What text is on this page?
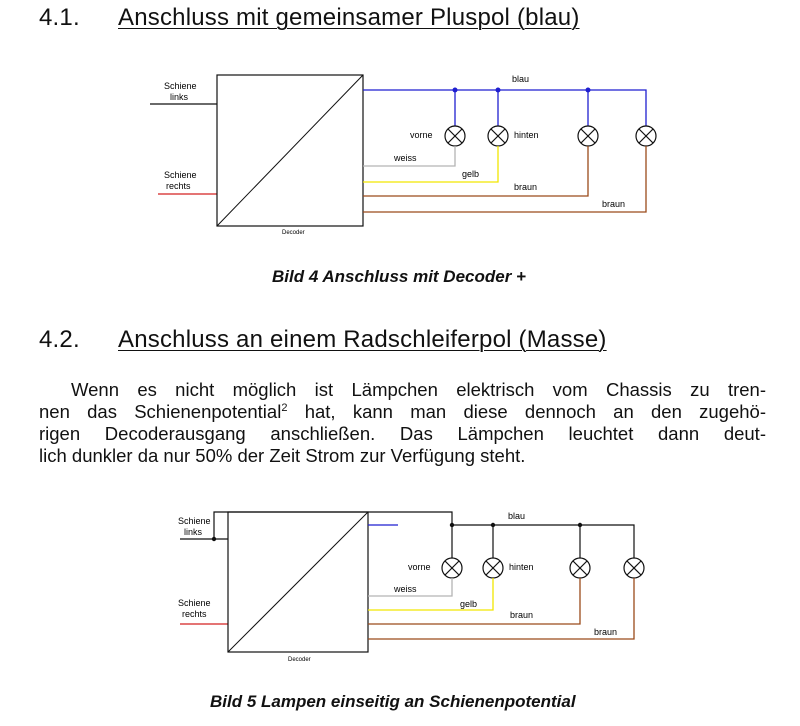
4.1. Anschluss mit gemeinsamer Pluspol (blau)
Schiene
links
Schiene
rechts
Decoder
blau
vorne	hinten
weiss
gelb
braun
braun
Bild 4 Anschluss mit Decoder +
4.2. Anschluss an einem Radschleiferpol (Masse)
Wenn es nicht möglich ist Lämpchen elektrisch vom Chassis zu tren-
nen das Schienenpotential$^2$ hat, kann man diese dennoch an den zugehö-
rigen Decoderausgang anschließen. Das Lämpchen leuchtet dann deut-
lich dunkler da nur 50% der Zeit Strom zur Verfügung steht.
Schiene
links
Schiene
rechts
Decoder
blau
vorne	hinten
weiss
gelb
braun
braun
Bild 5 Lampen einseitig an Schienenpotential
